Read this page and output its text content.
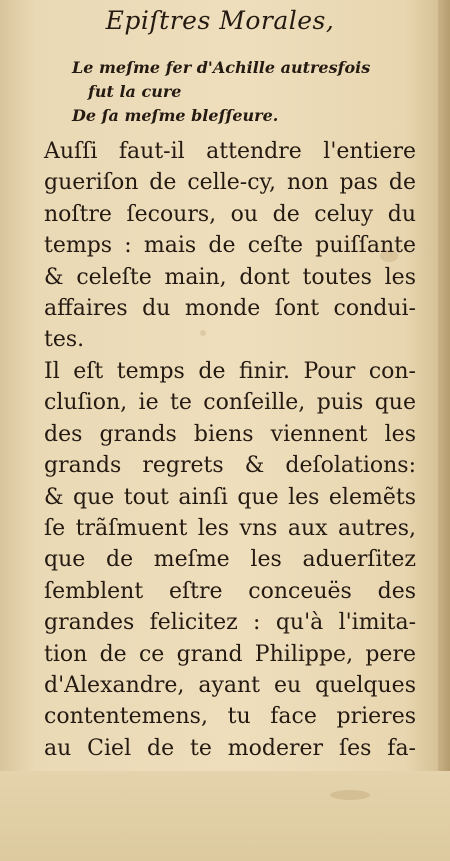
Epiſtres Morales,
Le meſme fer d'Achille autresfois
fut la cure
De ſa meſme bleſſeure.
Auſſi faut-il attendre l'entiere
gueriſon de celle-cy, non pas de
noſtre ſecours, ou de celuy du
temps : mais de ceſte puiſſante
& celeſte main, dont toutes les
affaires du monde ſont condui-
tes.
Il eſt temps de finir. Pour con-
cluſion, ie te conſeille, puis que
des grands biens viennent les
grands regrets & deſolations:
& que tout ainſi que les elemẽts
ſe trãſmuent les vns aux autres,
que de meſme les aduerſitez
ſemblent eſtre conceuës des
grandes felicitez : qu'à l'imita-
tion de ce grand Philippe, pere
d'Alexandre, ayant eu quelques
contentemens, tu face prieres
au Ciel de te moderer ſes fa-
